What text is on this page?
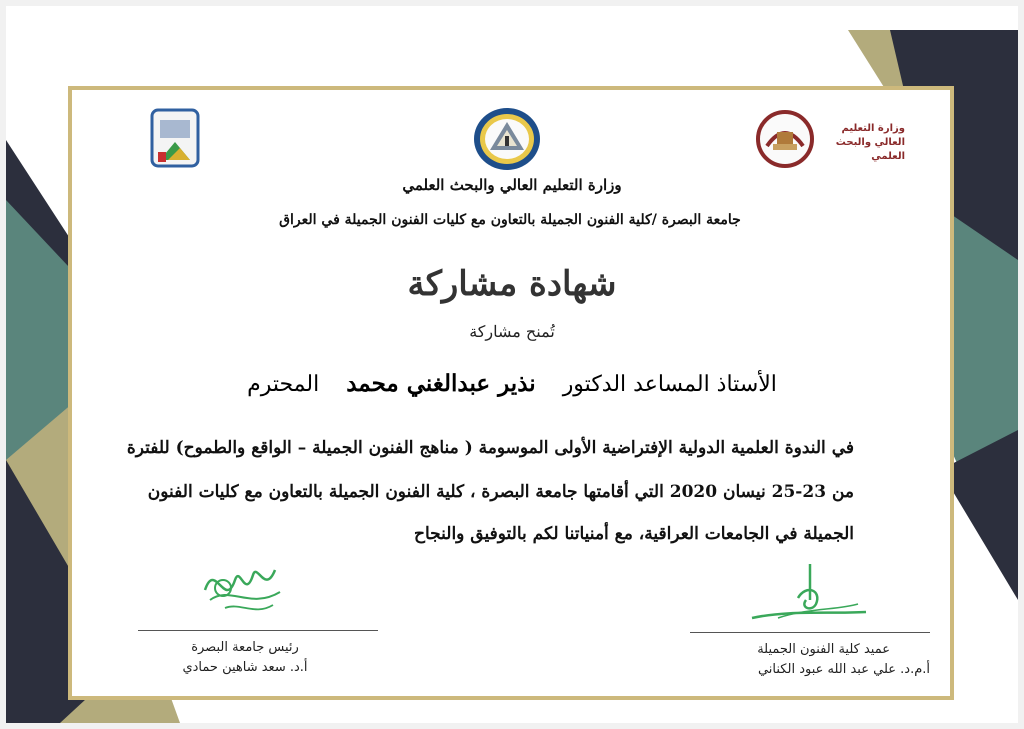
وزارة التعليم العالي والبحث العلمي
وزارة التعليم العالي والبحث العلمي
جامعة البصرة /كلية الفنون الجميلة بالتعاون مع كليات الفنون الجميلة في العراق
شهادة مشاركة
تُمنح مشاركة
الأستاذ المساعد الدكتور نذير عبدالغني محمد المحترم
في الندوة العلمية الدولية الإفتراضية الأولى الموسومة ( مناهج الفنون الجميلة – الواقع والطموح) للفترة
من 23-25 نيسان 2020 التي أقامتها جامعة البصرة ، كلية الفنون الجميلة بالتعاون مع كليات الفنون
الجميلة في الجامعات العراقية، مع أمنياتنا لكم بالتوفيق والنجاح
رئيس جامعة البصرة
أ.د. سعد شاهين حمادي
عميد كلية الفنون الجميلة
أ.م.د. علي عبد الله عبود الكناني
